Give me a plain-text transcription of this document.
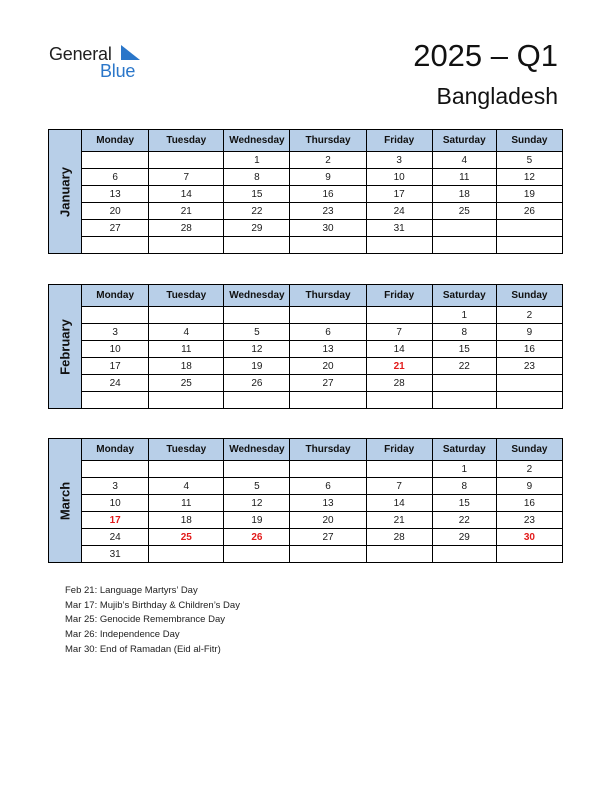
General
Blue	2025 – Q1
Bangladesh
January	Monday	Tuesday	Wednesday	Thursday	Friday	Saturday	Sunday
			1	2	3	4	5
	6	7	8	9	10	11	12
	13	14	15	16	17	18	19
	20	21	22	23	24	25	26
	27	28	29	30	31		

February	Monday	Tuesday	Wednesday	Thursday	Friday	Saturday	Sunday
						1	2
	3	4	5	6	7	8	9
	10	11	12	13	14	15	16
	17	18	19	20	21	22	23
	24	25	26	27	28		

March	Monday	Tuesday	Wednesday	Thursday	Friday	Saturday	Sunday
						1	2
	3	4	5	6	7	8	9
	10	11	12	13	14	15	16
	17	18	19	20	21	22	23
	24	25	26	27	28	29	30
	31						
Feb 21: Language Martyrs’ Day
Mar 17: Mujib’s Birthday & Children’s Day
Mar 25: Genocide Remembrance Day
Mar 26: Independence Day
Mar 30: End of Ramadan (Eid al-Fitr)
